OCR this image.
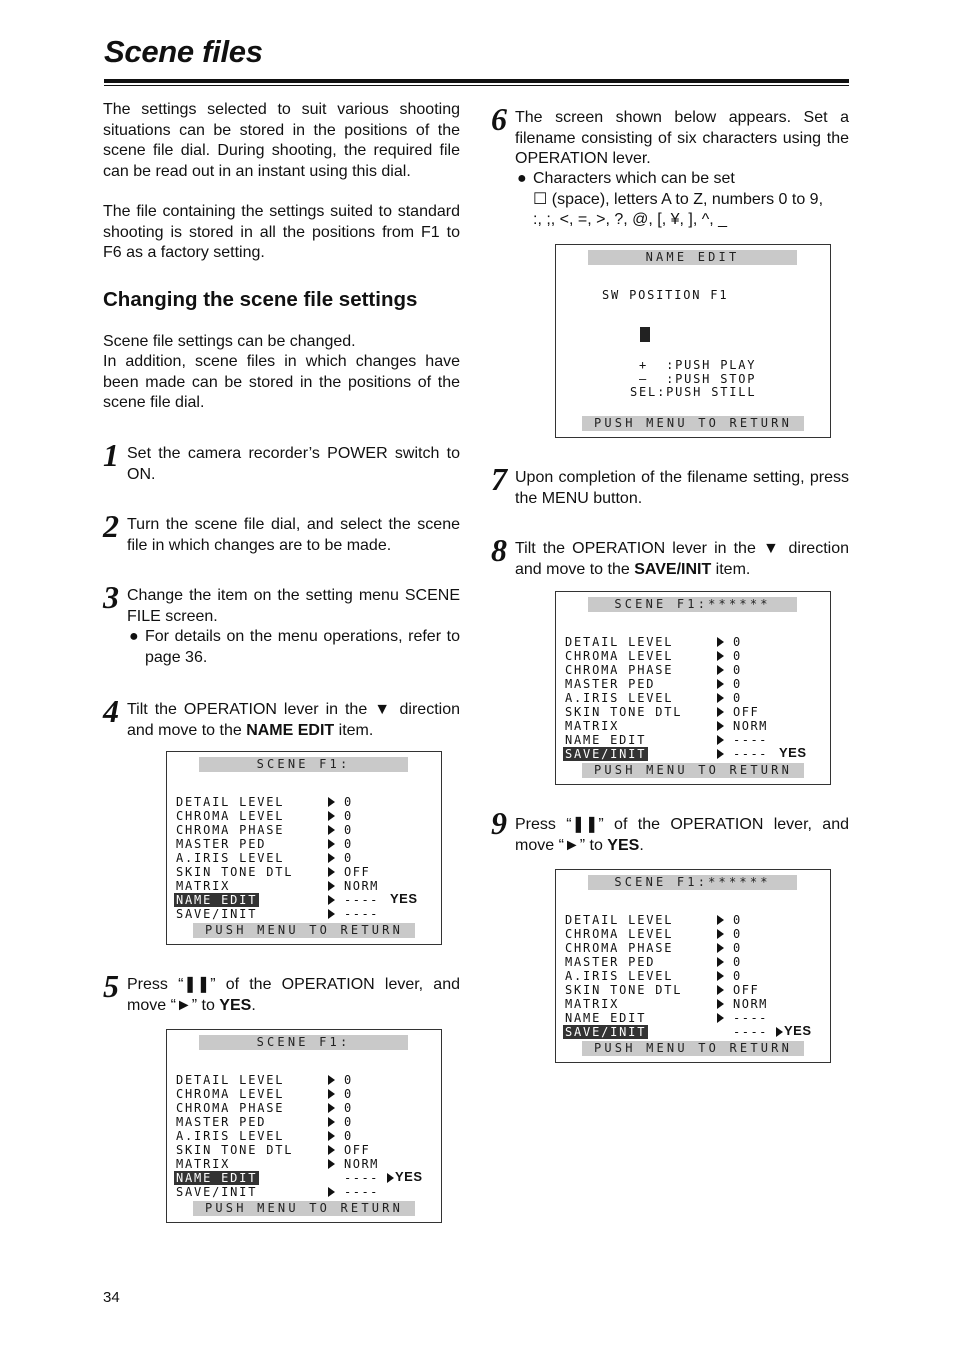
Scene files

The settings selected to suit various shooting situations can be stored in the positions of the scene file dial. During shooting, the required file can be read out in an instant using this dial.

The file containing the settings suited to standard shooting is stored in all the positions from F1 to F6 as a factory setting.

Changing the scene file settings

Scene file settings can be changed.

In addition, scene files in which changes have been made can be stored in the positions of the scene file dial.

1 Set the camera recorder’s POWER switch to ON.

2 Turn the scene file dial, and select the scene file in which changes are to be made.

3 Change the item on the setting menu SCENE FILE screen.

● For details on the menu operations, refer to page 36.

4 Tilt the OPERATION lever in the ▼ direction and move to the NAME EDIT item.

SCENE F1:
DETAIL LEVEL	0
CHROMA LEVEL	0
CHROMA PHASE	0
MASTER PED	0
A.IRIS LEVEL	0
SKIN TONE DTL	OFF
MATRIX	NORM
NAME EDIT	---- YES
SAVE/INIT	----
PUSH MENU TO RETURN
5 Press “❚❚” of the OPERATION lever, and move “►” to YES.

SCENE F1:
DETAIL LEVEL	0
CHROMA LEVEL	0
CHROMA PHASE	0
MASTER PED	0
A.IRIS LEVEL	0
SKIN TONE DTL	OFF
MATRIX	NORM
NAME EDIT	---- YES
SAVE/INIT	----
PUSH MENU TO RETURN
6 The screen shown below appears. Set a filename consisting of six characters using the OPERATION lever.

● Characters which can be set

☐ (space), letters A to Z, numbers 0 to 9,

:, ;, <, =, >, ?, @, [, ¥, ], ^, _

NAME EDIT
SW POSITION F1
+  :PUSH PLAY
–  :PUSH STOP
SEL:PUSH STILL
PUSH MENU TO RETURN
7 Upon completion of the filename setting, press the MENU button.

8 Tilt the OPERATION lever in the ▼ direction and move to the SAVE/INIT item.

SCENE F1:******
DETAIL LEVEL	0
CHROMA LEVEL	0
CHROMA PHASE	0
MASTER PED	0
A.IRIS LEVEL	0
SKIN TONE DTL	OFF
MATRIX	NORM
NAME EDIT	----
SAVE/INIT	---- YES
PUSH MENU TO RETURN
9 Press “❚❚” of the OPERATION lever, and move “►” to YES.

SCENE F1:******
DETAIL LEVEL	0
CHROMA LEVEL	0
CHROMA PHASE	0
MASTER PED	0
A.IRIS LEVEL	0
SKIN TONE DTL	OFF
MATRIX	NORM
NAME EDIT	----
SAVE/INIT	---- YES
PUSH MENU TO RETURN
34
